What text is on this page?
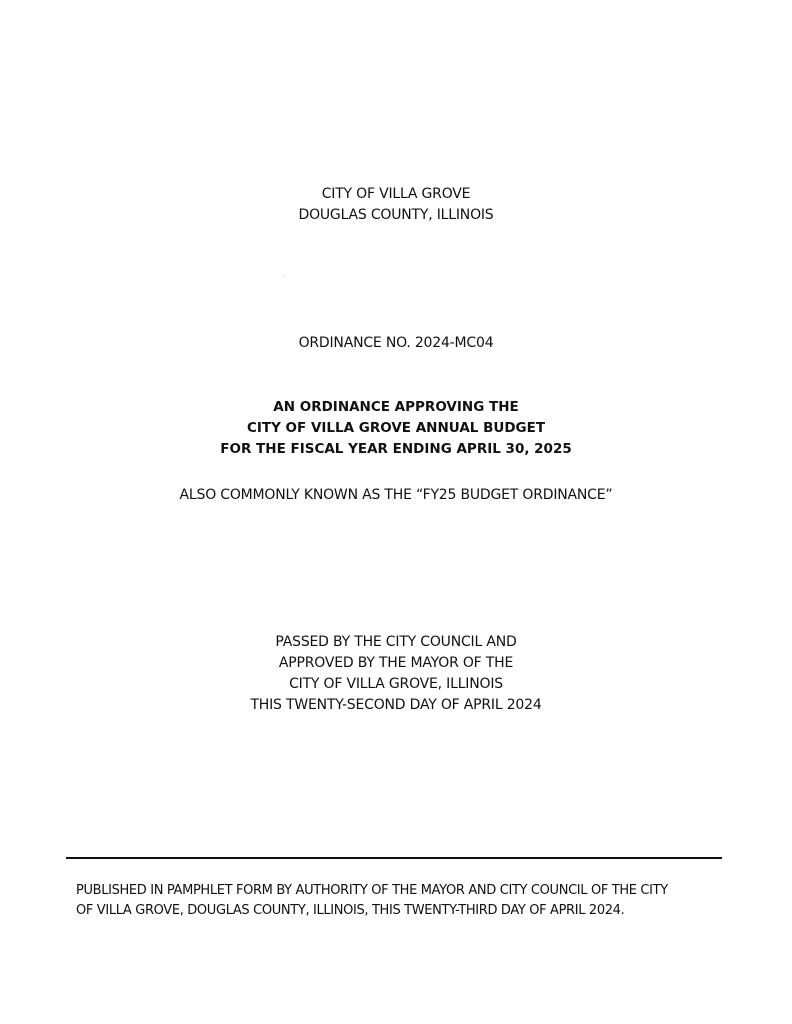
CITY OF VILLA GROVE
DOUGLAS COUNTY, ILLINOIS
ORDINANCE NO. 2024-MC04
AN ORDINANCE APPROVING THE
CITY OF VILLA GROVE ANNUAL BUDGET
FOR THE FISCAL YEAR ENDING APRIL 30, 2025
ALSO COMMONLY KNOWN AS THE “FY25 BUDGET ORDINANCE”
PASSED BY THE CITY COUNCIL AND
APPROVED BY THE MAYOR OF THE
CITY OF VILLA GROVE, ILLINOIS
THIS TWENTY-SECOND DAY OF APRIL 2024
PUBLISHED IN PAMPHLET FORM BY AUTHORITY OF THE MAYOR AND CITY COUNCIL OF THE CITY
OF VILLA GROVE, DOUGLAS COUNTY, ILLINOIS, THIS TWENTY-THIRD DAY OF APRIL 2024.
